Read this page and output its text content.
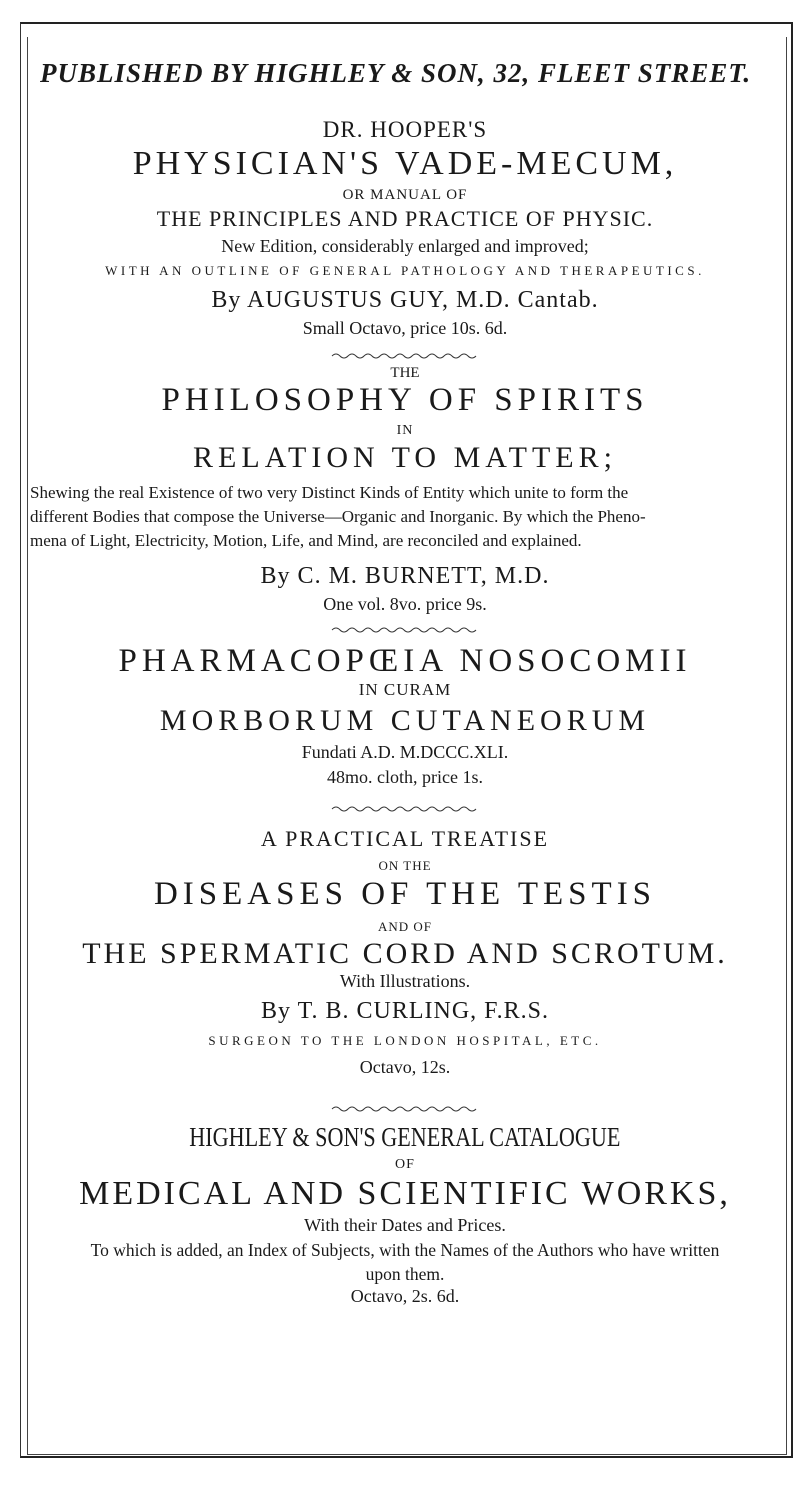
PUBLISHED BY HIGHLEY & SON, 32, FLEET STREET.
DR. HOOPER'S
PHYSICIAN'S VADE-MECUM,
OR MANUAL OF
THE PRINCIPLES AND PRACTICE OF PHYSIC.
New Edition, considerably enlarged and improved;
WITH AN OUTLINE OF GENERAL PATHOLOGY AND THERAPEUTICS.
By AUGUSTUS GUY, M.D. Cantab.
Small Octavo, price 10s. 6d.
THE
PHILOSOPHY OF SPIRITS
IN
RELATION TO MATTER;
Shewing the real Existence of two very Distinct Kinds of Entity which unite to form the
different Bodies that compose the Universe—Organic and Inorganic. By which the Pheno-
mena of Light, Electricity, Motion, Life, and Mind, are reconciled and explained.
By C. M. BURNETT, M.D.
One vol. 8vo. price 9s.
PHARMACOPŒIA NOSOCOMII
IN CURAM
MORBORUM CUTANEORUM
Fundati A.D. M.DCCC.XLI.
48mo. cloth, price 1s.
A PRACTICAL TREATISE
ON THE
DISEASES OF THE TESTIS
AND OF
THE SPERMATIC CORD AND SCROTUM.
With Illustrations.
By T. B. CURLING, F.R.S.
SURGEON TO THE LONDON HOSPITAL, ETC.
Octavo, 12s.
HIGHLEY & SON'S GENERAL CATALOGUE
OF
MEDICAL AND SCIENTIFIC WORKS,
With their Dates and Prices.
To which is added, an Index of Subjects, with the Names of the Authors who have written
upon them.
Octavo, 2s. 6d.
